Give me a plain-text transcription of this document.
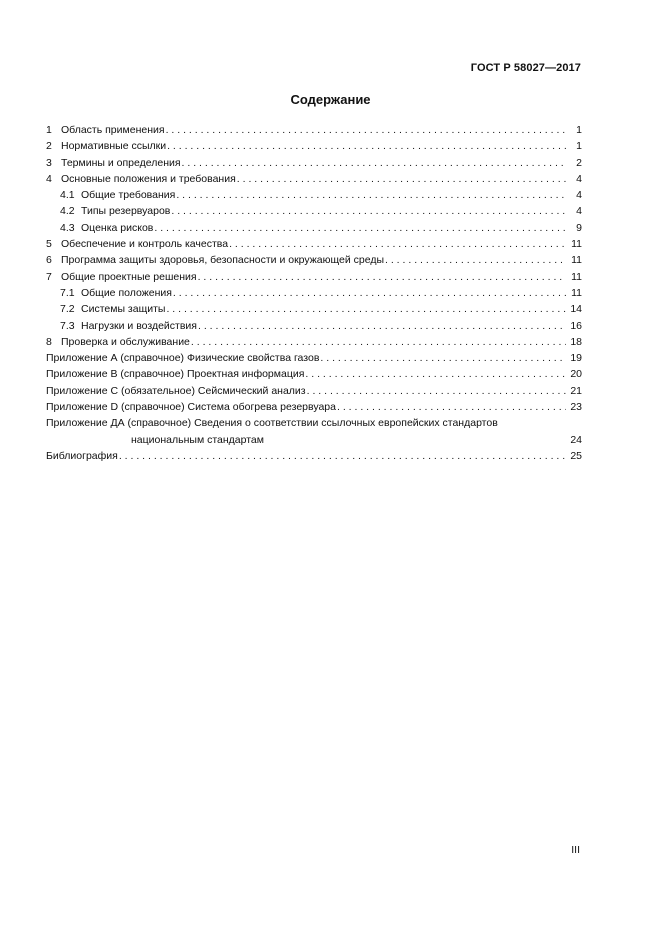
ГОСТ Р 58027—2017
Содержание
1 Область применения . . .	1
2 Нормативные ссылки . . .	1
3 Термины и определения . . .	2
4 Основные положения и требования . . .	4
4.1 Общие требования . . .	4
4.2 Типы резервуаров . . .	4
4.3 Оценка рисков . . .	9
5 Обеспечение и контроль качества . . .	11
6 Программа защиты здоровья, безопасности и окружающей среды . . .	11
7 Общие проектные решения . . .	11
7.1 Общие положения . . .	11
7.2 Системы защиты . . .	14
7.3 Нагрузки и воздействия . . .	16
8 Проверка и обслуживание . . .	18
Приложение А (справочное) Физические свойства газов . . .	19
Приложение В (справочное) Проектная информация . . .	20
Приложение С (обязательное) Сейсмический анализ . . .	21
Приложение D (справочное) Система обогрева резервуара . . .	23
Приложение ДА (справочное) Сведения о соответствии ссылочных европейских стандартов
национальным стандартам	24
Библиография . . .	25
III
